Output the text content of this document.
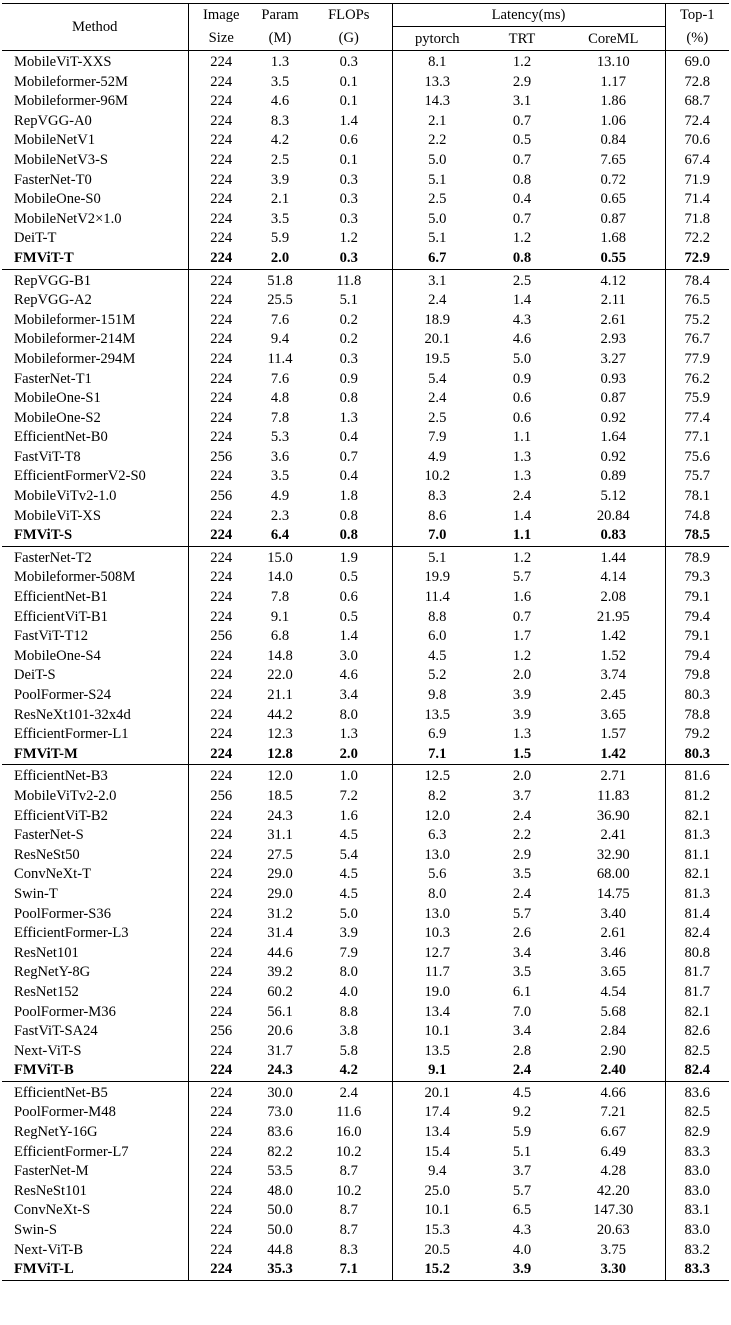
Method	Image	Param	FLOPs	Latency(ms)			Top-1
	Size	(M)	(G)	pytorch	TRT	CoreML	(%)
MobileViT-XXS	224	1.3	0.3	8.1	1.2	13.10	69.0
Mobileformer-52M	224	3.5	0.1	13.3	2.9	1.17	72.8
Mobileformer-96M	224	4.6	0.1	14.3	3.1	1.86	68.7
RepVGG-A0	224	8.3	1.4	2.1	0.7	1.06	72.4
MobileNetV1	224	4.2	0.6	2.2	0.5	0.84	70.6
MobileNetV3-S	224	2.5	0.1	5.0	0.7	7.65	67.4
FasterNet-T0	224	3.9	0.3	5.1	0.8	0.72	71.9
MobileOne-S0	224	2.1	0.3	2.5	0.4	0.65	71.4
MobileNetV2×1.0	224	3.5	0.3	5.0	0.7	0.87	71.8
DeiT-T	224	5.9	1.2	5.1	1.2	1.68	72.2
FMViT-T	224	2.0	0.3	6.7	0.8	0.55	72.9
RepVGG-B1	224	51.8	11.8	3.1	2.5	4.12	78.4
RepVGG-A2	224	25.5	5.1	2.4	1.4	2.11	76.5
Mobileformer-151M	224	7.6	0.2	18.9	4.3	2.61	75.2
Mobileformer-214M	224	9.4	0.2	20.1	4.6	2.93	76.7
Mobileformer-294M	224	11.4	0.3	19.5	5.0	3.27	77.9
FasterNet-T1	224	7.6	0.9	5.4	0.9	0.93	76.2
MobileOne-S1	224	4.8	0.8	2.4	0.6	0.87	75.9
MobileOne-S2	224	7.8	1.3	2.5	0.6	0.92	77.4
EfficientNet-B0	224	5.3	0.4	7.9	1.1	1.64	77.1
FastViT-T8	256	3.6	0.7	4.9	1.3	0.92	75.6
EfficientFormerV2-S0	224	3.5	0.4	10.2	1.3	0.89	75.7
MobileViTv2-1.0	256	4.9	1.8	8.3	2.4	5.12	78.1
MobileViT-XS	224	2.3	0.8	8.6	1.4	20.84	74.8
FMViT-S	224	6.4	0.8	7.0	1.1	0.83	78.5
FasterNet-T2	224	15.0	1.9	5.1	1.2	1.44	78.9
Mobileformer-508M	224	14.0	0.5	19.9	5.7	4.14	79.3
EfficientNet-B1	224	7.8	0.6	11.4	1.6	2.08	79.1
EfficientViT-B1	224	9.1	0.5	8.8	0.7	21.95	79.4
FastViT-T12	256	6.8	1.4	6.0	1.7	1.42	79.1
MobileOne-S4	224	14.8	3.0	4.5	1.2	1.52	79.4
DeiT-S	224	22.0	4.6	5.2	2.0	3.74	79.8
PoolFormer-S24	224	21.1	3.4	9.8	3.9	2.45	80.3
ResNeXt101-32x4d	224	44.2	8.0	13.5	3.9	3.65	78.8
EfficientFormer-L1	224	12.3	1.3	6.9	1.3	1.57	79.2
FMViT-M	224	12.8	2.0	7.1	1.5	1.42	80.3
EfficientNet-B3	224	12.0	1.0	12.5	2.0	2.71	81.6
MobileViTv2-2.0	256	18.5	7.2	8.2	3.7	11.83	81.2
EfficientViT-B2	224	24.3	1.6	12.0	2.4	36.90	82.1
FasterNet-S	224	31.1	4.5	6.3	2.2	2.41	81.3
ResNeSt50	224	27.5	5.4	13.0	2.9	32.90	81.1
ConvNeXt-T	224	29.0	4.5	5.6	3.5	68.00	82.1
Swin-T	224	29.0	4.5	8.0	2.4	14.75	81.3
PoolFormer-S36	224	31.2	5.0	13.0	5.7	3.40	81.4
EfficientFormer-L3	224	31.4	3.9	10.3	2.6	2.61	82.4
ResNet101	224	44.6	7.9	12.7	3.4	3.46	80.8
RegNetY-8G	224	39.2	8.0	11.7	3.5	3.65	81.7
ResNet152	224	60.2	4.0	19.0	6.1	4.54	81.7
PoolFormer-M36	224	56.1	8.8	13.4	7.0	5.68	82.1
FastViT-SA24	256	20.6	3.8	10.1	3.4	2.84	82.6
Next-ViT-S	224	31.7	5.8	13.5	2.8	2.90	82.5
FMViT-B	224	24.3	4.2	9.1	2.4	2.40	82.4
EfficientNet-B5	224	30.0	2.4	20.1	4.5	4.66	83.6
PoolFormer-M48	224	73.0	11.6	17.4	9.2	7.21	82.5
RegNetY-16G	224	83.6	16.0	13.4	5.9	6.67	82.9
EfficientFormer-L7	224	82.2	10.2	15.4	5.1	6.49	83.3
FasterNet-M	224	53.5	8.7	9.4	3.7	4.28	83.0
ResNeSt101	224	48.0	10.2	25.0	5.7	42.20	83.0
ConvNeXt-S	224	50.0	8.7	10.1	6.5	147.30	83.1
Swin-S	224	50.0	8.7	15.3	4.3	20.63	83.0
Next-ViT-B	224	44.8	8.3	20.5	4.0	3.75	83.2
FMViT-L	224	35.3	7.1	15.2	3.9	3.30	83.3
